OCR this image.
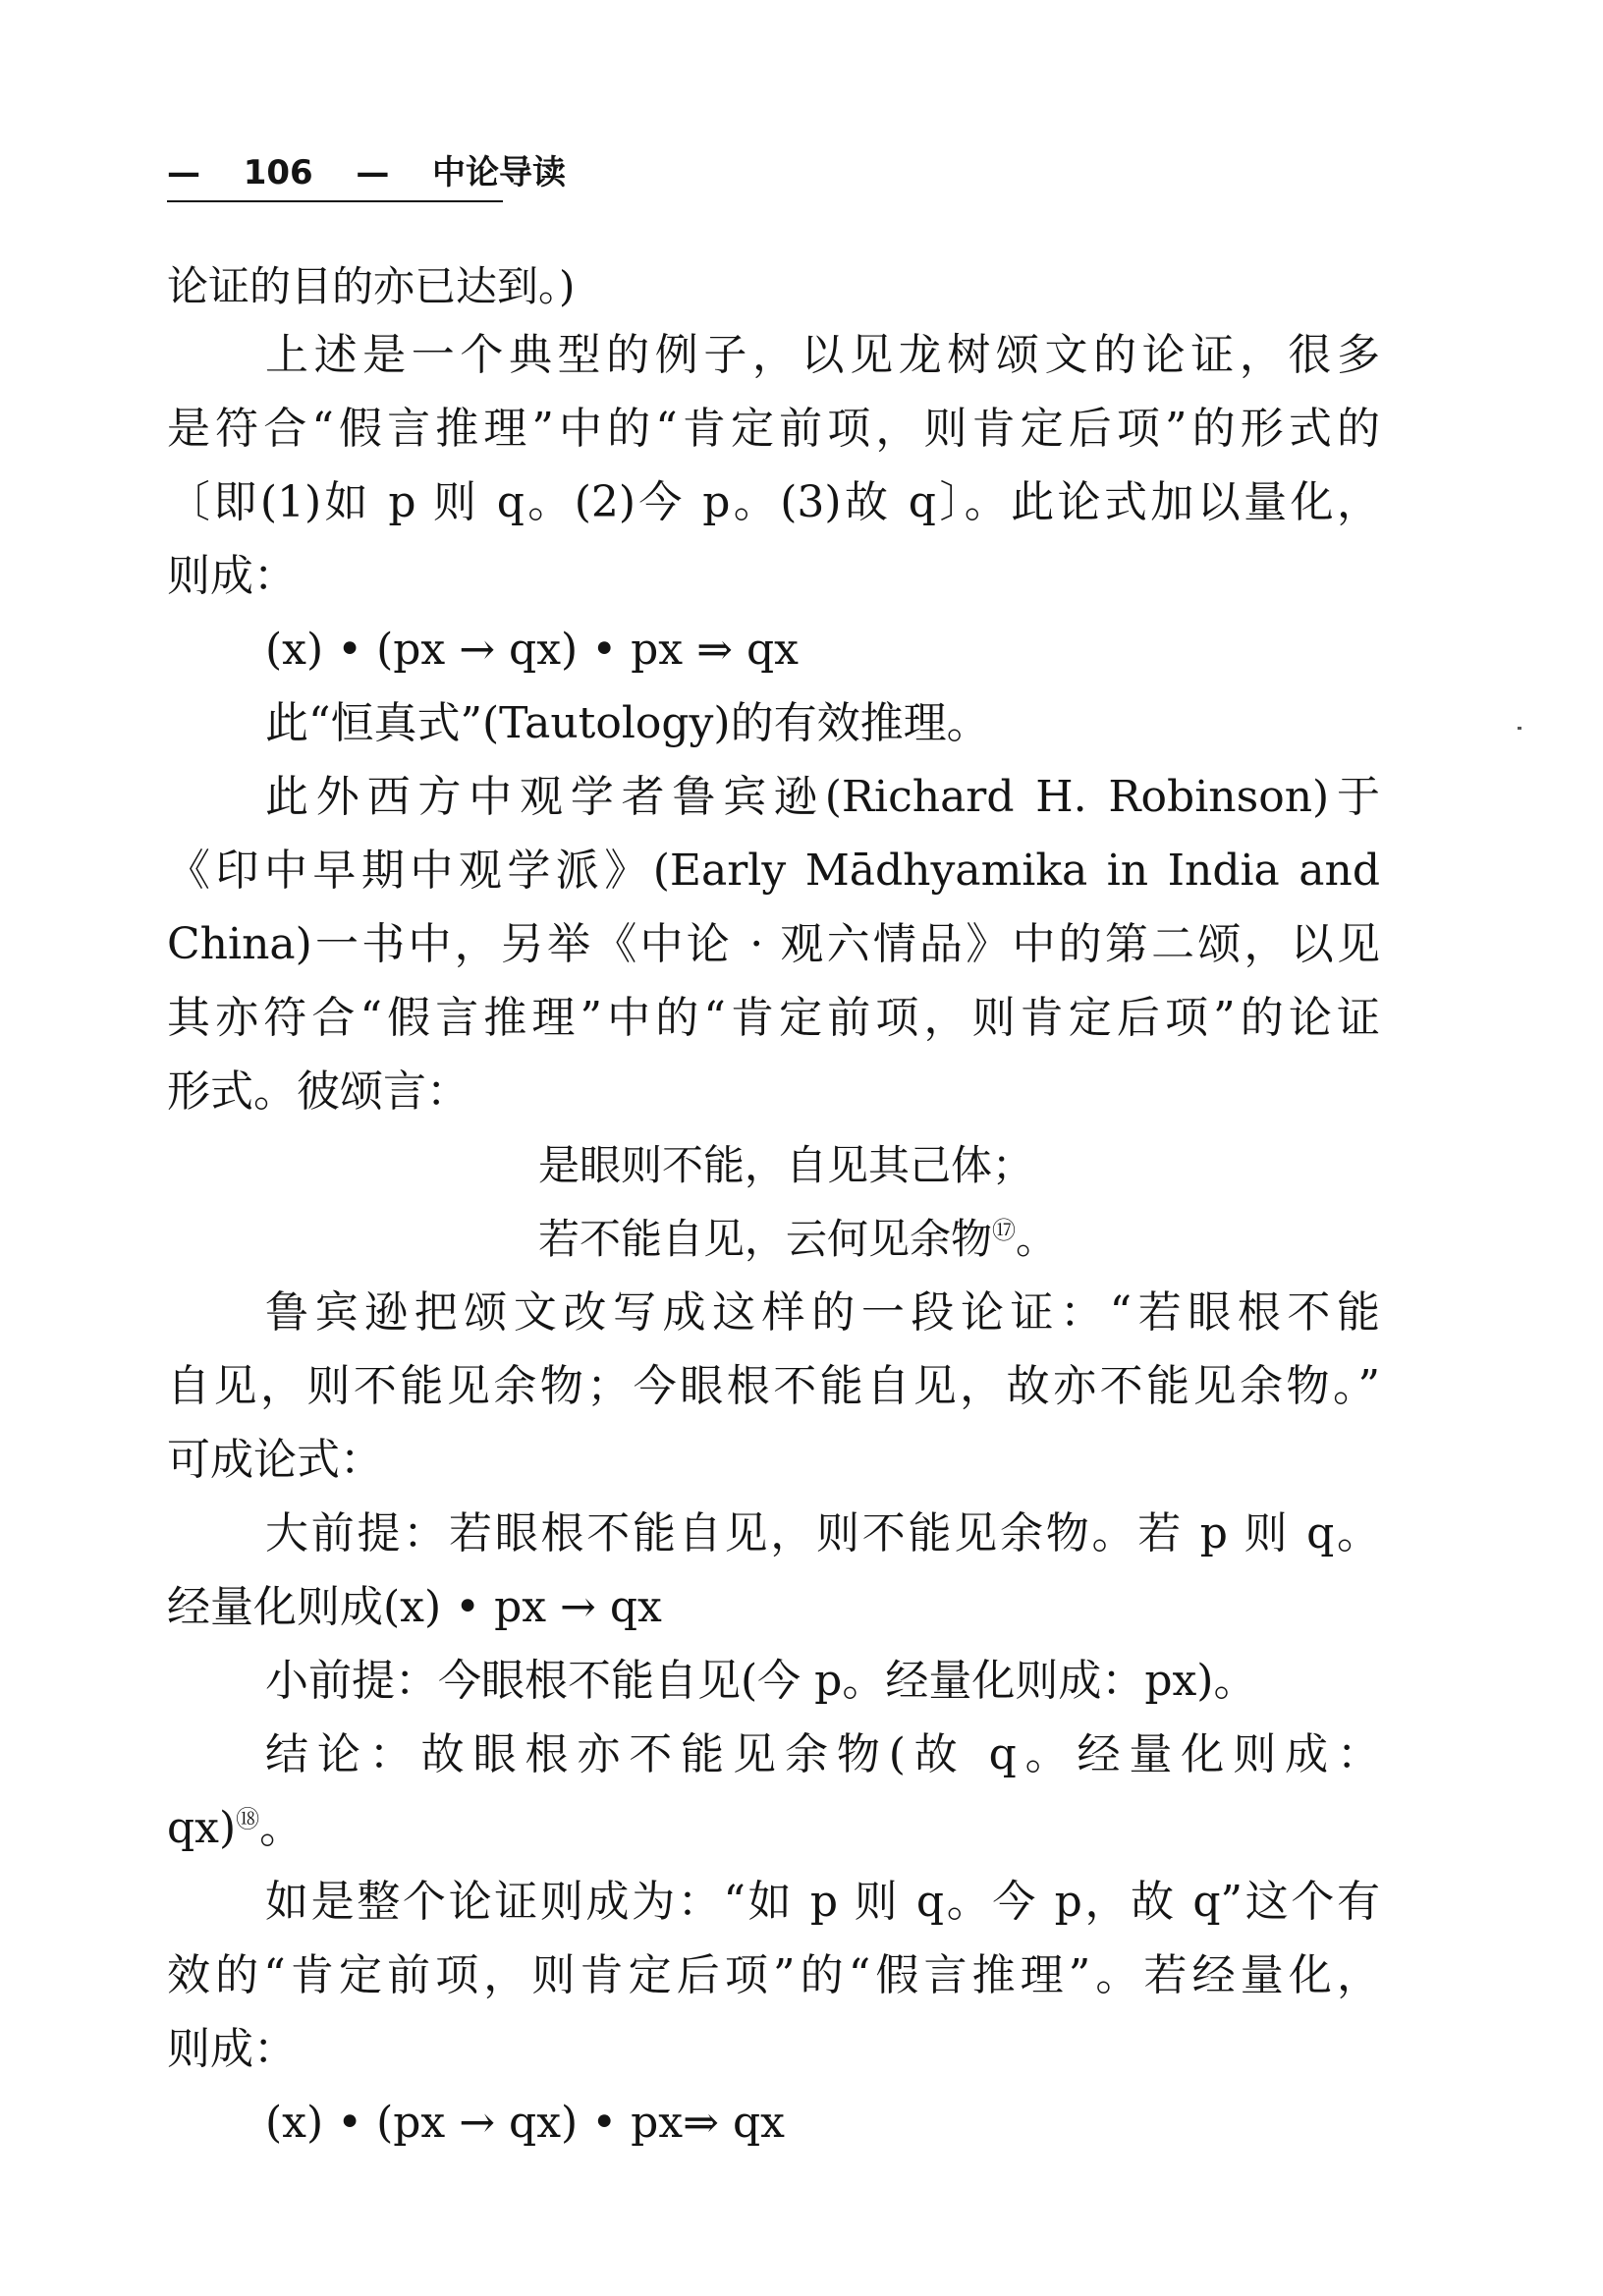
— 106 — 中论导读
论证的目的亦已达到。)
上述是一个典型的例子，以见龙树颂文的论证，很多
是符合“假言推理”中的“肯定前项，则肯定后项”的形式的
〔即(1)如 p 则 q。(2)今 p。(3)故 q〕。此论式加以量化，
则成：
(x) • (px → qx) • px ⇒ qx
此“恒真式”(Tautology)的有效推理。
此外西方中观学者鲁宾逊(Richard H. Robinson)于
《印中早期中观学派》(Early Mādhyamika in India and
China)一书中，另举《中论 · 观六情品》中的第二颂，以见
其亦符合“假言推理”中的“肯定前项，则肯定后项”的论证
形式。彼颂言：
是眼则不能，自见其己体；
若不能自见，云何见余物⑰。
鲁宾逊把颂文改写成这样的一段论证：“若眼根不能
自见，则不能见余物；今眼根不能自见，故亦不能见余物。”
可成论式：
大前提：若眼根不能自见，则不能见余物。若 p 则 q。
经量化则成(x) • px → qx
小前提：今眼根不能自见(今 p。经量化则成：px)。
结论：故眼根亦不能见余物(故 q。经量化则成：
qx)⑱。
如是整个论证则成为：“如 p 则 q。今 p，故 q”这个有
效的“肯定前项，则肯定后项”的“假言推理”。若经量化，
则成：
(x) • (px → qx) • px⇒ qx
